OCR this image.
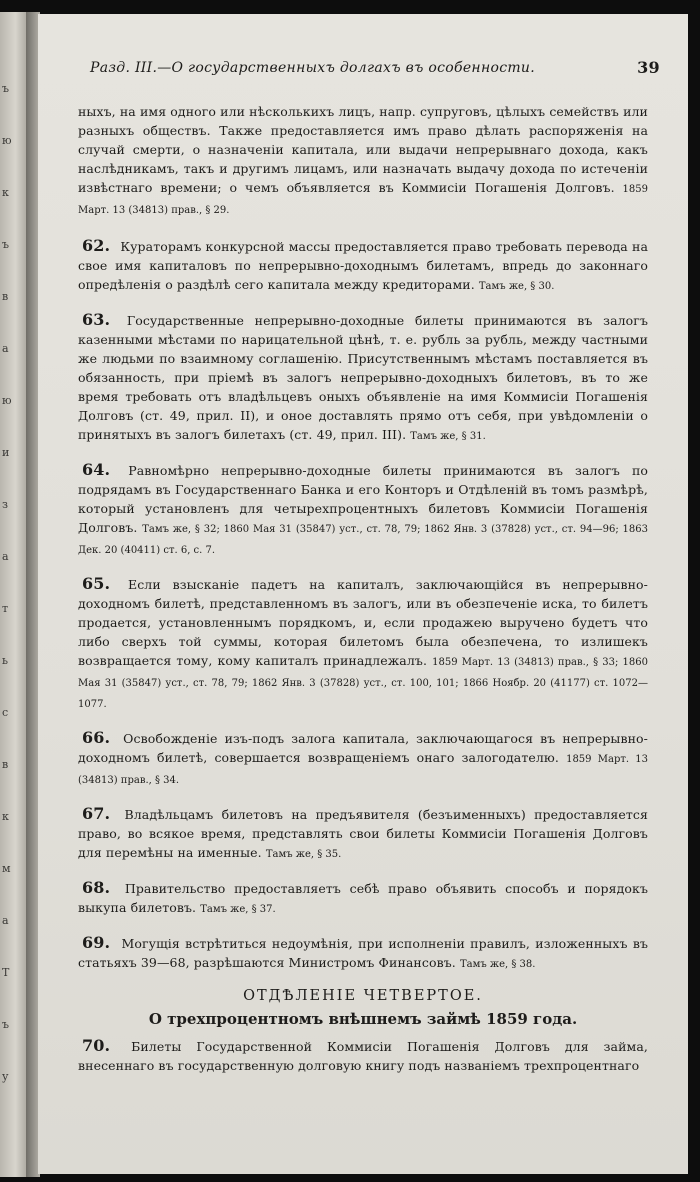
ъ
ю
к
ъ
в
а
ю
и
з
а
т
ь
с
в
к
м
а
Т
ъ
у
Разд. III.—О государственныхъ долгахъ въ особенности.	39

ныхъ, на имя одного или нѣсколькихъ лицъ, напр. супруговъ, цѣлыхъ семействъ или разныхъ обществъ. Также предоставляется имъ право дѣлать распоряженія на случай смерти, о назначеніи капитала, или выдачи непрерывнаго дохода, какъ наслѣдникамъ, такъ и другимъ лицамъ, или назначать выдачу дохода по истеченіи извѣстнаго времени; о чемъ объявляется въ Коммисіи Погашенія Долговъ. 1859 Март. 13 (34813) прав., § 29.

62. Кураторамъ конкурсной массы предоставляется право требовать перевода на свое имя капиталовъ по непрерывно-доходнымъ билетамъ, впредь до законнаго опредѣленія о раздѣлѣ сего капитала между кредиторами. Тамъ же, § 30.

63. Государственные непрерывно-доходные билеты принимаются въ залогъ казенными мѣстами по нарицательной цѣнѣ, т. е. рубль за рубль, между частными же людьми по взаимному соглашенію. Присутственнымъ мѣстамъ поставляется въ обязанность, при пріемѣ въ залогъ непрерывно-доходныхъ билетовъ, въ то же время требовать отъ владѣльцевъ оныхъ объявленіе на имя Коммисіи Погашенія Долговъ (ст. 49, прил. II), и оное доставлять прямо отъ себя, при увѣдомленіи о принятыхъ въ залогъ билетахъ (ст. 49, прил. III). Тамъ же, § 31.

64. Равномѣрно непрерывно-доходные билеты принимаются въ залогъ по подрядамъ въ Государственнаго Банка и его Конторъ и Отдѣленій въ томъ размѣрѣ, который установленъ для четырехпроцентныхъ билетовъ Коммисіи Погашенія Долговъ. Тамъ же, § 32; 1860 Мая 31 (35847) уст., ст. 78, 79; 1862 Янв. 3 (37828) уст., ст. 94—96; 1863 Дек. 20 (40411) ст. 6, с. 7.

65. Если взысканіе падетъ на капиталъ, заключающійся въ непрерывно-доходномъ билетѣ, представленномъ въ залогъ, или въ обезпеченіе иска, то билетъ продается, установленнымъ порядкомъ, и, если продажею выручено будетъ что либо сверхъ той суммы, которая билетомъ была обезпечена, то излишекъ возвращается тому, кому капиталъ принадлежалъ. 1859 Март. 13 (34813) прав., § 33; 1860 Мая 31 (35847) уст., ст. 78, 79; 1862 Янв. 3 (37828) уст., ст. 100, 101; 1866 Ноябр. 20 (41177) ст. 1072—1077.

66. Освобожденіе изъ-подъ залога капитала, заключающагося въ непрерывно-доходномъ билетѣ, совершается возвращеніемъ онаго залогодателю. 1859 Март. 13 (34813) прав., § 34.

67. Владѣльцамъ билетовъ на предъявителя (безъименныхъ) предоставляется право, во всякое время, представлять свои билеты Коммисіи Погашенія Долговъ для перемѣны на именные. Тамъ же, § 35.

68. Правительство предоставляетъ себѣ право объявить способъ и порядокъ выкупа билетовъ. Тамъ же, § 37.

69. Могущія встрѣтиться недоумѣнія, при исполненіи правилъ, изложенныхъ въ статьяхъ 39—68, разрѣшаются Министромъ Финансовъ. Тамъ же, § 38.

ОТДѢЛЕНІЕ ЧЕТВЕРТОЕ.
О трехпроцентномъ внѣшнемъ займѣ 1859 года.

70. Билеты Государственной Коммисіи Погашенія Долговъ для займа, внесеннаго въ государственную долговую книгу подъ названіемъ трехпроцентнаго
